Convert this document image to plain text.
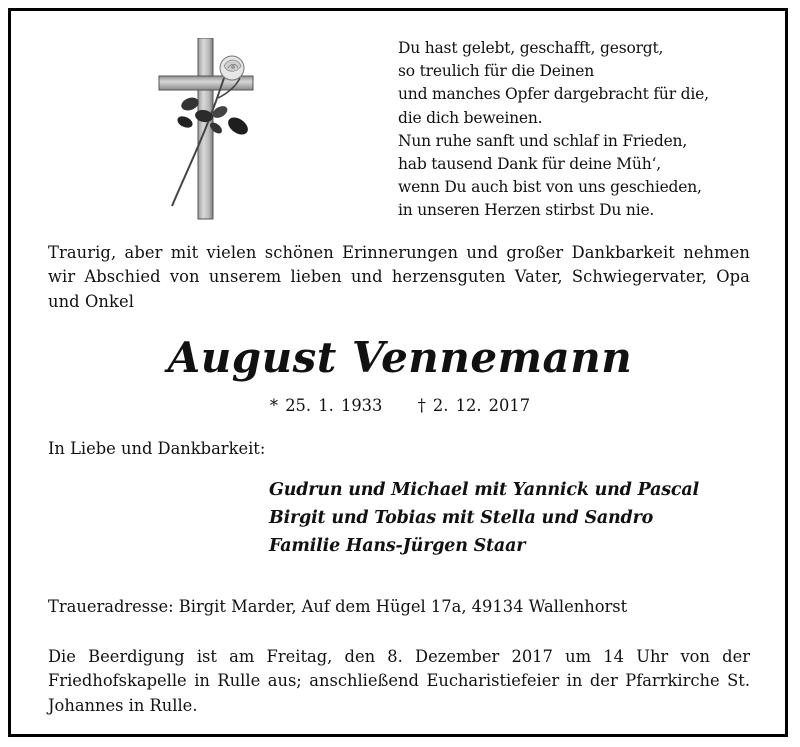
Du hast gelebt, geschafft, gesorgt,
so treulich für die Deinen
und manches Opfer dargebracht für die,
die dich beweinen.
Nun ruhe sanft und schlaf in Frieden,
hab tausend Dank für deine Müh‘,
wenn Du auch bist von uns geschieden,
in unseren Herzen stirbst Du nie.
Traurig, aber mit vielen schönen Erinnerungen und großer Dankbarkeit nehmen wir Abschied von unserem lieben und herzensguten Vater, Schwiegervater, Opa und Onkel
August Vennemann
* 25. 1. 1933 † 2. 12. 2017
In Liebe und Dankbarkeit:
Gudrun und Michael mit Yannick und Pascal
Birgit und Tobias mit Stella und Sandro
Familie Hans-Jürgen Staar
Traueradresse: Birgit Marder, Auf dem Hügel 17a, 49134 Wallenhorst
Die Beerdigung ist am Freitag, den 8. Dezember 2017 um 14 Uhr von der Friedhofskapelle in Rulle aus; anschließend Eucharistiefeier in der Pfarrkirche St. Johannes in Rulle.
